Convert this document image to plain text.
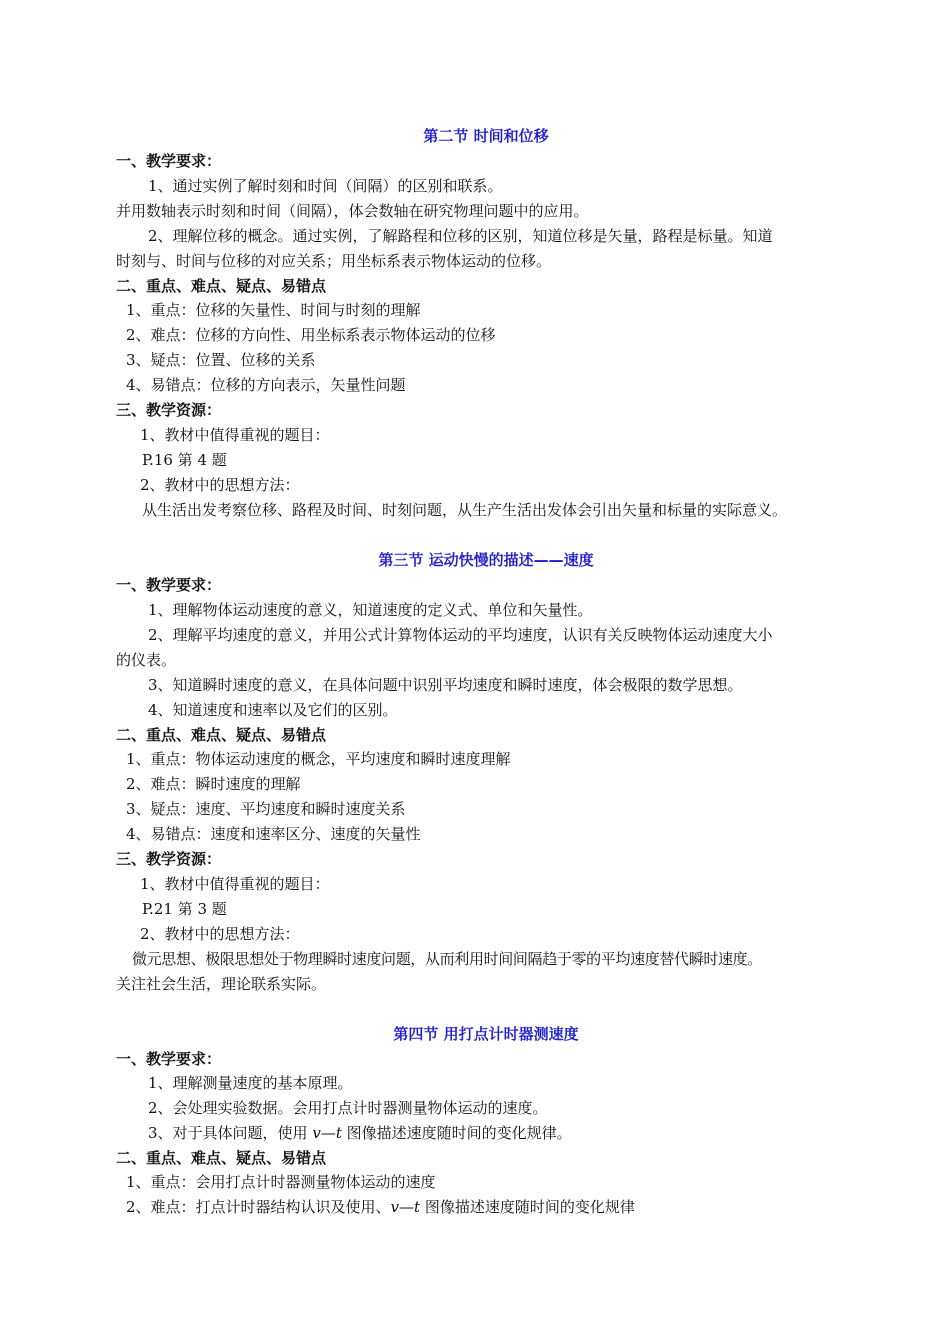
第二节 时间和位移
一、教学要求：
1、通过实例了解时刻和时间（间隔）的区别和联系。
并用数轴表示时刻和时间（间隔），体会数轴在研究物理问题中的应用。
2、理解位移的概念。通过实例，了解路程和位移的区别，知道位移是矢量，路程是标量。知道
时刻与、时间与位移的对应关系；用坐标系表示物体运动的位移。
二、重点、难点、疑点、易错点
1、重点：位移的矢量性、时间与时刻的理解
2、难点：位移的方向性、用坐标系表示物体运动的位移
3、疑点：位置、位移的关系
4、易错点：位移的方向表示，矢量性问题
三、教学资源：
1、教材中值得重视的题目：
P.16 第 4 题
2、教材中的思想方法：
从生活出发考察位移、路程及时间、时刻问题，从生产生活出发体会引出矢量和标量的实际意义。
第三节 运动快慢的描述——速度
一、教学要求：
1、理解物体运动速度的意义，知道速度的定义式、单位和矢量性。
2、理解平均速度的意义，并用公式计算物体运动的平均速度，认识有关反映物体运动速度大小
的仪表。
3、知道瞬时速度的意义，在具体问题中识别平均速度和瞬时速度，体会极限的数学思想。
4、知道速度和速率以及它们的区别。
二、重点、难点、疑点、易错点
1、重点：物体运动速度的概念，平均速度和瞬时速度理解
2、难点：瞬时速度的理解
3、疑点：速度、平均速度和瞬时速度关系
4、易错点：速度和速率区分、速度的矢量性
三、教学资源：
1、教材中值得重视的题目：
P.21 第 3 题
2、教材中的思想方法：
微元思想、极限思想处于物理瞬时速度问题，从而利用时间间隔趋于零的平均速度替代瞬时速度。
关注社会生活，理论联系实际。
第四节 用打点计时器测速度
一、教学要求：
1、理解测量速度的基本原理。
2、会处理实验数据。会用打点计时器测量物体运动的速度。
3、对于具体问题，使用 v—t 图像描述速度随时间的变化规律。
二、重点、难点、疑点、易错点
1、重点：会用打点计时器测量物体运动的速度
2、难点：打点计时器结构认识及使用、v—t 图像描述速度随时间的变化规律
